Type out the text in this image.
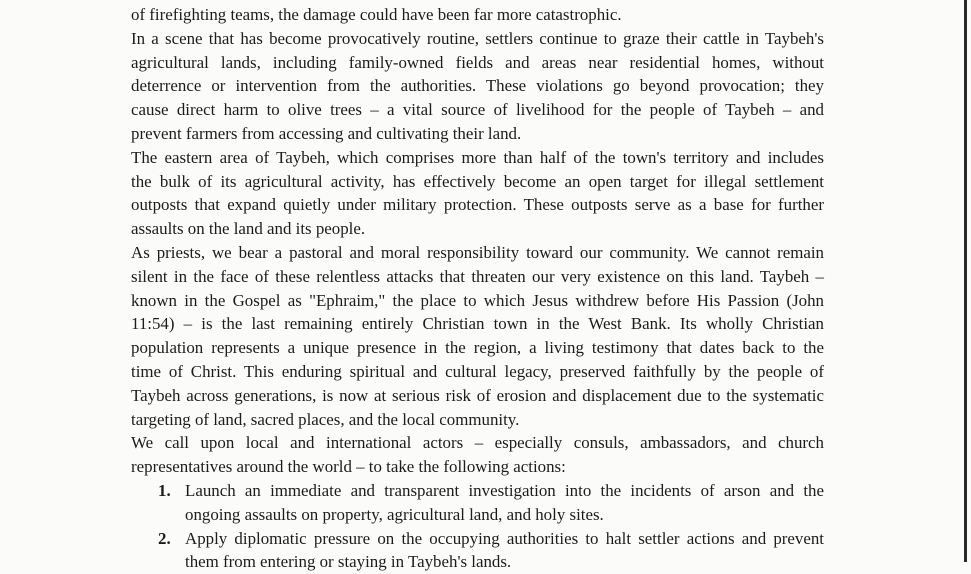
of firefighting teams, the damage could have been far more catastrophic.
In a scene that has become provocatively routine, settlers continue to graze their cattle in Taybeh's
agricultural lands, including family-owned fields and areas near residential homes, without
deterrence or intervention from the authorities. These violations go beyond provocation; they
cause direct harm to olive trees – a vital source of livelihood for the people of Taybeh – and
prevent farmers from accessing and cultivating their land.
The eastern area of Taybeh, which comprises more than half of the town's territory and includes
the bulk of its agricultural activity, has effectively become an open target for illegal settlement
outposts that expand quietly under military protection. These outposts serve as a base for further
assaults on the land and its people.
As priests, we bear a pastoral and moral responsibility toward our community. We cannot remain
silent in the face of these relentless attacks that threaten our very existence on this land. Taybeh –
known in the Gospel as "Ephraim," the place to which Jesus withdrew before His Passion (John
11:54) – is the last remaining entirely Christian town in the West Bank. Its wholly Christian
population represents a unique presence in the region, a living testimony that dates back to the
time of Christ. This enduring spiritual and cultural legacy, preserved faithfully by the people of
Taybeh across generations, is now at serious risk of erosion and displacement due to the systematic
targeting of land, sacred places, and the local community.
We call upon local and international actors – especially consuls, ambassadors, and church
representatives around the world – to take the following actions:
1. Launch an immediate and transparent investigation into the incidents of arson and the
ongoing assaults on property, agricultural land, and holy sites.
2. Apply diplomatic pressure on the occupying authorities to halt settler actions and prevent
them from entering or staying in Taybeh's lands.
